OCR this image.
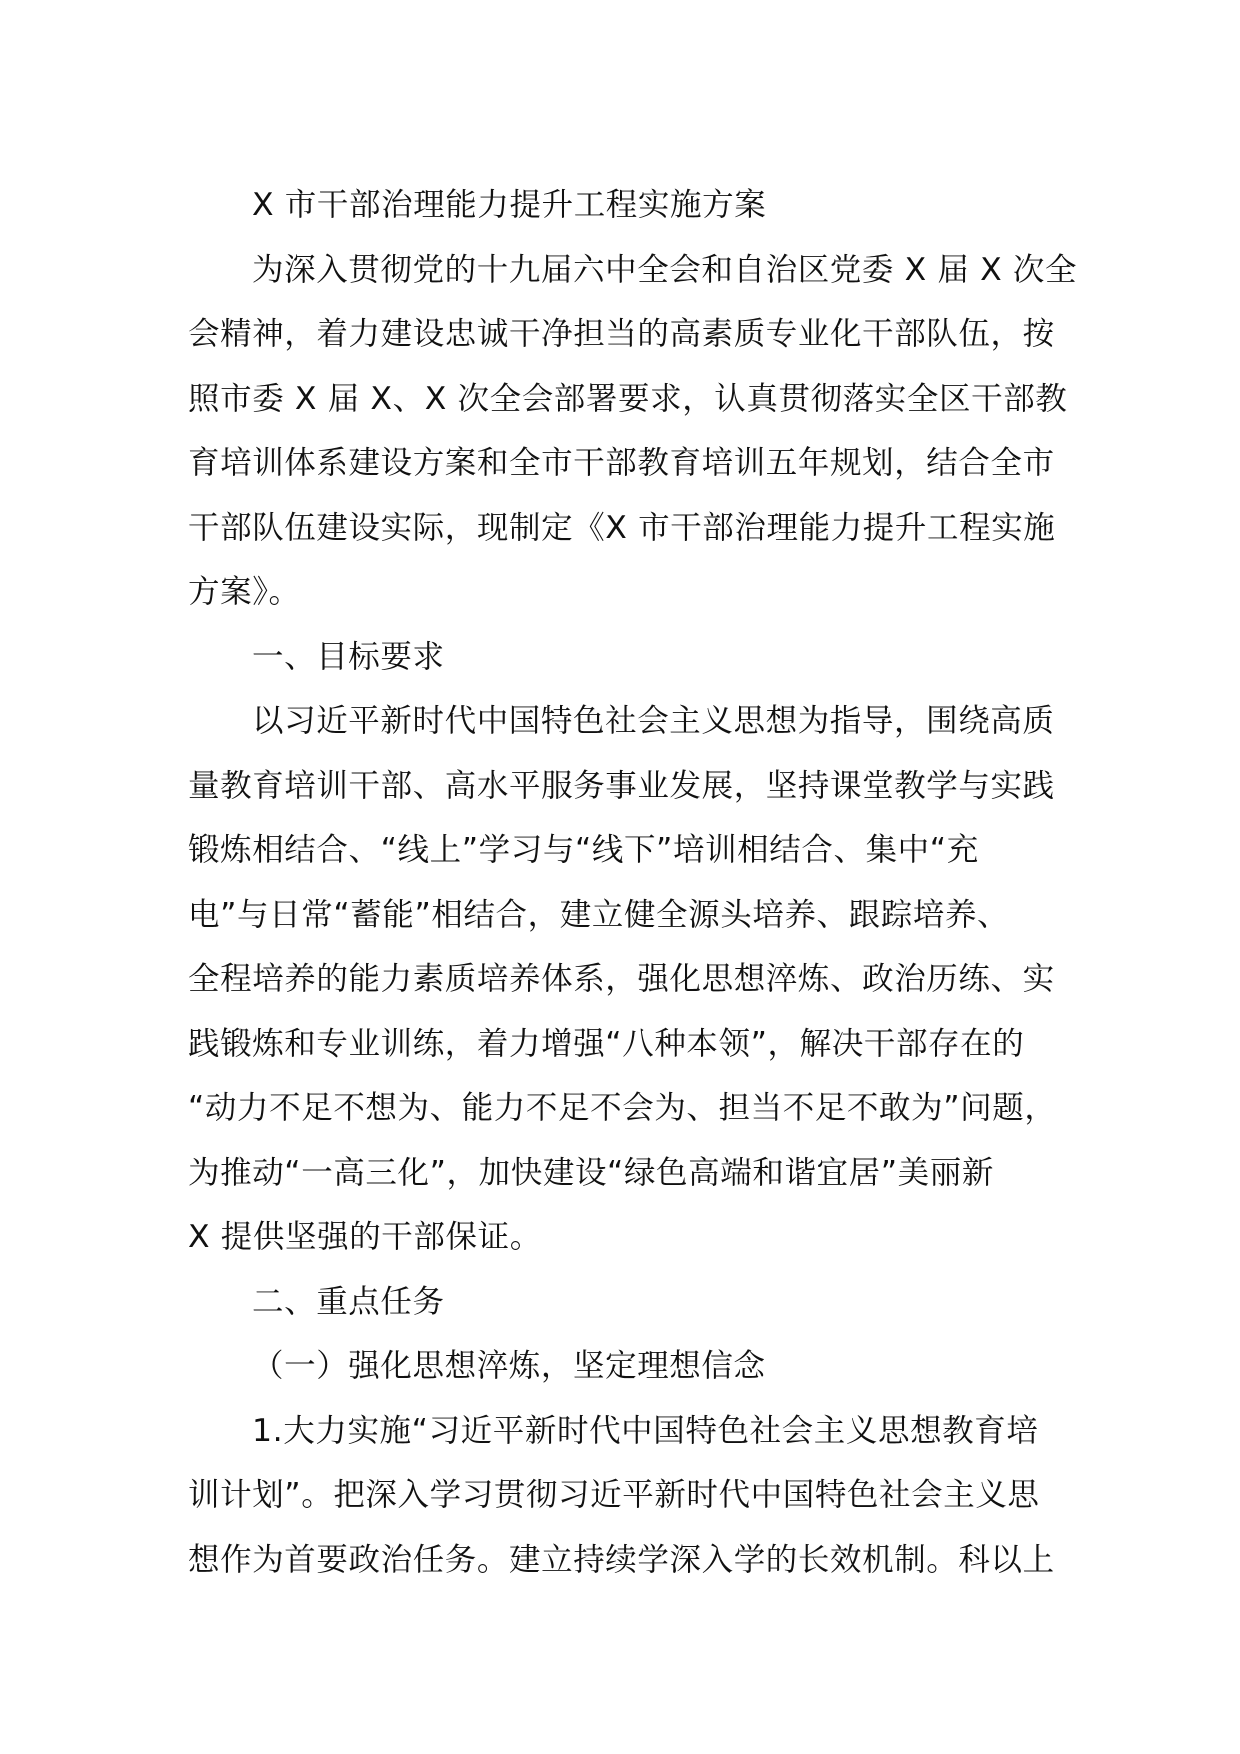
X 市干部治理能力提升工程实施方案
为深入贯彻党的十九届六中全会和自治区党委 X 届 X 次全
会精神，着力建设忠诚干净担当的高素质专业化干部队伍，按
照市委 X 届 X、X 次全会部署要求，认真贯彻落实全区干部教
育培训体系建设方案和全市干部教育培训五年规划，结合全市
干部队伍建设实际，现制定《X 市干部治理能力提升工程实施
方案》。
一、目标要求
以习近平新时代中国特色社会主义思想为指导，围绕高质
量教育培训干部、高水平服务事业发展，坚持课堂教学与实践
锻炼相结合、“线上”学习与“线下”培训相结合、集中“充
电”与日常“蓄能”相结合，建立健全源头培养、跟踪培养、
全程培养的能力素质培养体系，强化思想淬炼、政治历练、实
践锻炼和专业训练，着力增强“八种本领”，解决干部存在的
“动力不足不想为、能力不足不会为、担当不足不敢为”问题，
为推动“一高三化”，加快建设“绿色高端和谐宜居”美丽新
X 提供坚强的干部保证。
二、重点任务
（一）强化思想淬炼，坚定理想信念
1.大力实施“习近平新时代中国特色社会主义思想教育培
训计划”。把深入学习贯彻习近平新时代中国特色社会主义思
想作为首要政治任务。建立持续学深入学的长效机制。科以上
